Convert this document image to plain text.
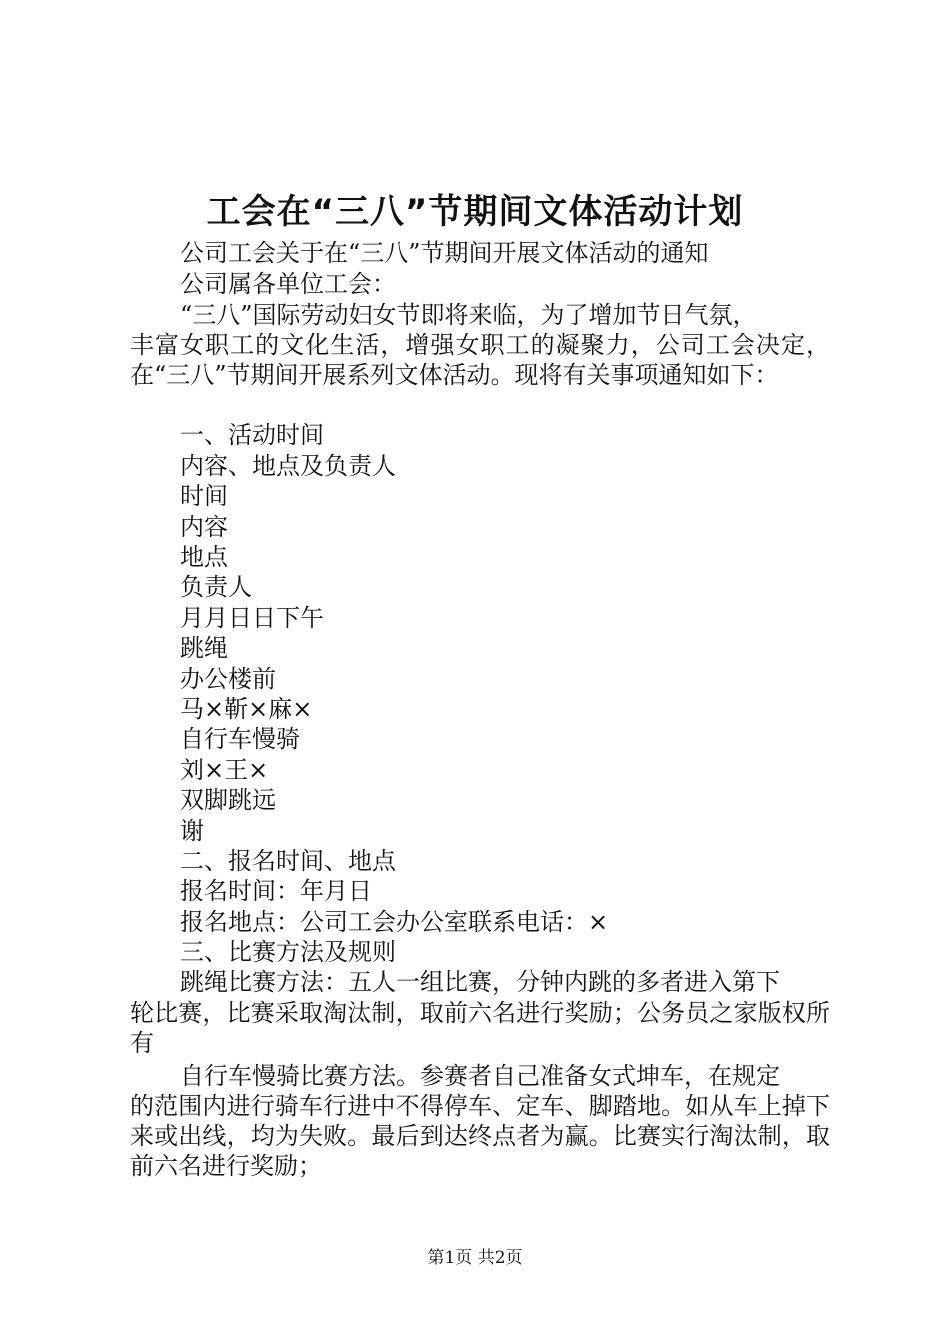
工会在“三八”节期间文体活动计划

公司工会关于在“三八”节期间开展文体活动的通知

公司属各单位工会：

“三八”国际劳动妇女节即将来临，为了增加节日气氛，

丰富女职工的文化生活，增强女职工的凝聚力，公司工会决定，在“三八”节期间开展系列文体活动。现将有关事项通知如下：

一、活动时间

内容、地点及负责人

时间

内容

地点

负责人

月月日日下午

跳绳

办公楼前

马×靳×麻×

自行车慢骑

刘×王×

双脚跳远

谢

二、报名时间、地点

报名时间：年月日

报名地点：公司工会办公室联系电话：×

三、比赛方法及规则

跳绳比赛方法：五人一组比赛，分钟内跳的多者进入第下

轮比赛，比赛采取淘汰制，取前六名进行奖励；公务员之家版权所有

自行车慢骑比赛方法。参赛者自己准备女式坤车，在规定

的范围内进行骑车行进中不得停车、定车、脚踏地。如从车上掉下来或出线，均为失败。最后到达终点者为赢。比赛实行淘汰制，取前六名进行奖励；

第1页 共2页
